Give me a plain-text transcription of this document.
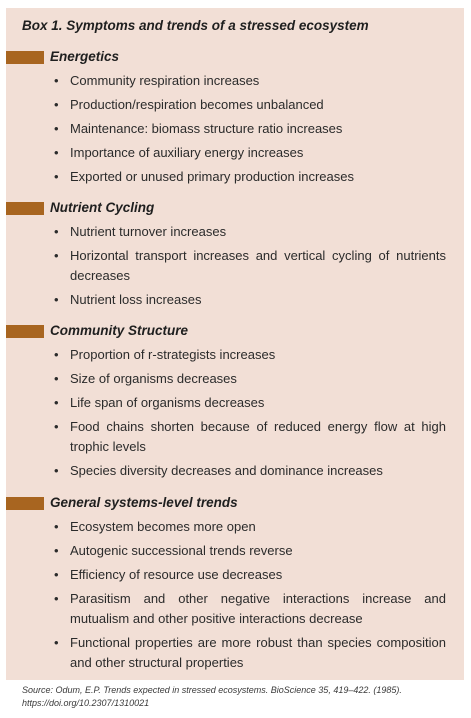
Box 1. Symptoms and trends of a stressed ecosystem
Energetics
• Community respiration increases
• Production/respiration becomes unbalanced
• Maintenance: biomass structure ratio increases
• Importance of auxiliary energy increases
• Exported or unused primary production increases
Nutrient Cycling
• Nutrient turnover increases
• Horizontal transport increases and vertical cycling of nutrients decreases
• Nutrient loss increases
Community Structure
• Proportion of r-strategists increases
• Size of organisms decreases
• Life span of organisms decreases
• Food chains shorten because of reduced energy flow at high trophic levels
• Species diversity decreases and dominance increases
General systems-level trends
• Ecosystem becomes more open
• Autogenic successional trends reverse
• Efficiency of resource use decreases
• Parasitism and other negative interactions increase and mutualism and other positive interactions decrease
• Functional properties are more robust than species composition and other structural properties
Source: Odum, E.P. Trends expected in stressed ecosystems. BioScience 35, 419–422. (1985). https://doi.org/10.2307/1310021
